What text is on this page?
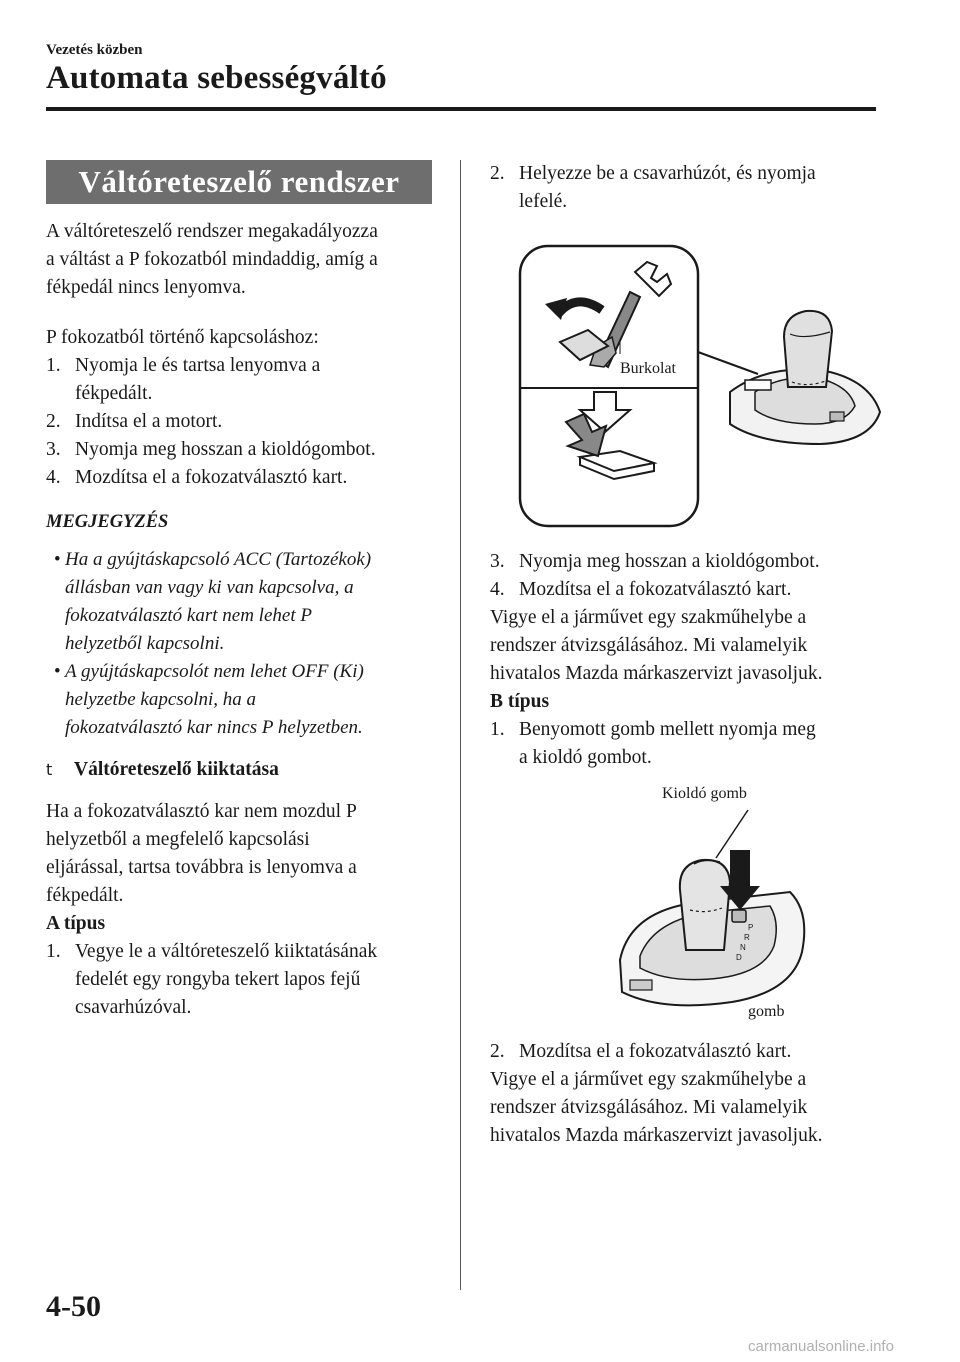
Vezetés közben
Automata sebességváltó
Váltóreteszelő rendszer

A váltóreteszelő rendszer megakadályozza

a váltást a P fokozatból mindaddig, amíg a

fékpedál nincs lenyomva.

P fokozatból történő kapcsoláshoz:

1. Nyomja le és tartsa lenyomva a

fékpedált.

2. Indítsa el a motort.

3. Nyomja meg hosszan a kioldógombot.

4. Mozdítsa el a fokozatválasztó kart.

MEGJEGYZÉS
• Ha a gyújtáskapcsoló ACC (Tartozékok)

állásban van vagy ki van kapcsolva, a

fokozatválasztó kart nem lehet P

helyzetből kapcsolni.

• A gyújtáskapcsolót nem lehet OFF (Ki)

helyzetbe kapcsolni, ha a

fokozatválasztó kar nincs P helyzetben.

t Váltóreteszelő kiiktatása

Ha a fokozatválasztó kar nem mozdul P

helyzetből a megfelelő kapcsolási

eljárással, tartsa továbbra is lenyomva a

fékpedált.

A típus

1. Vegye le a váltóreteszelő kiiktatásának

fedelét egy rongyba tekert lapos fejű

csavarhúzóval.

2. Helyezze be a csavarhúzót, és nyomja

lefelé.

Burkolat
3. Nyomja meg hosszan a kioldógombot.

4. Mozdítsa el a fokozatválasztó kart.

Vigye el a járművet egy szakműhelybe a

rendszer átvizsgálásához. Mi valamelyik

hivatalos Mazda márkaszervizt javasoljuk.

B típus

1. Benyomott gomb mellett nyomja meg

a kioldó gombot.

P
R
N
D
Kioldó gomb
gomb
2. Mozdítsa el a fokozatválasztó kart.

Vigye el a járművet egy szakműhelybe a

rendszer átvizsgálásához. Mi valamelyik

hivatalos Mazda márkaszervizt javasoljuk.

4-50
carmanualsonline.info
